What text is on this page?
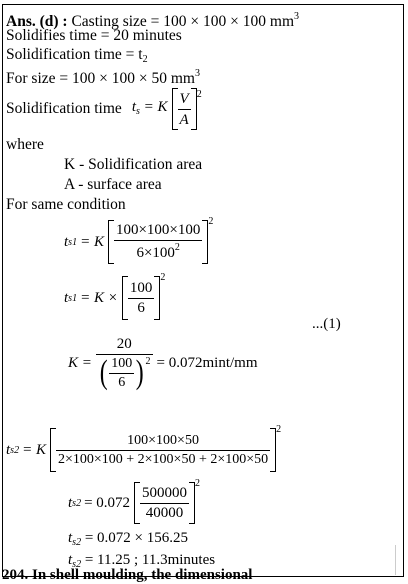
Ans. (d) : Casting size = 100 × 100 × 100 $mm^3$
Solidifies time = 20 minutes
Solidification time = $t_2$
For size = 100 × 100 × 50 $mm^3$
Solidification time $t_s = K \frac{V}{A} 2$
where
K - Solidification area
A - surface area
For same condition
t s1 = K $\frac{100\times 100\times 100}{6\times 100^2}$
2
t $s1 = K \times \frac{100}{6}$
2
...(1)
$K = \frac{20}{( \frac{100}{6} ) 2} = 0.072\min t/mm$
t s2 = K $\frac{100\times 100\times 50}{2\times 100\times 100 + 2\times 100\times 50 + 2\times 100\times 50}$
2
t $s2 = 0.072 \frac{500000}{40000}$
2
$t_{s2} = 0.072 \times 156.25$
$t_{s2} = 11.25$ ; 11.3minutes
204. In shell moulding, the dimensional
